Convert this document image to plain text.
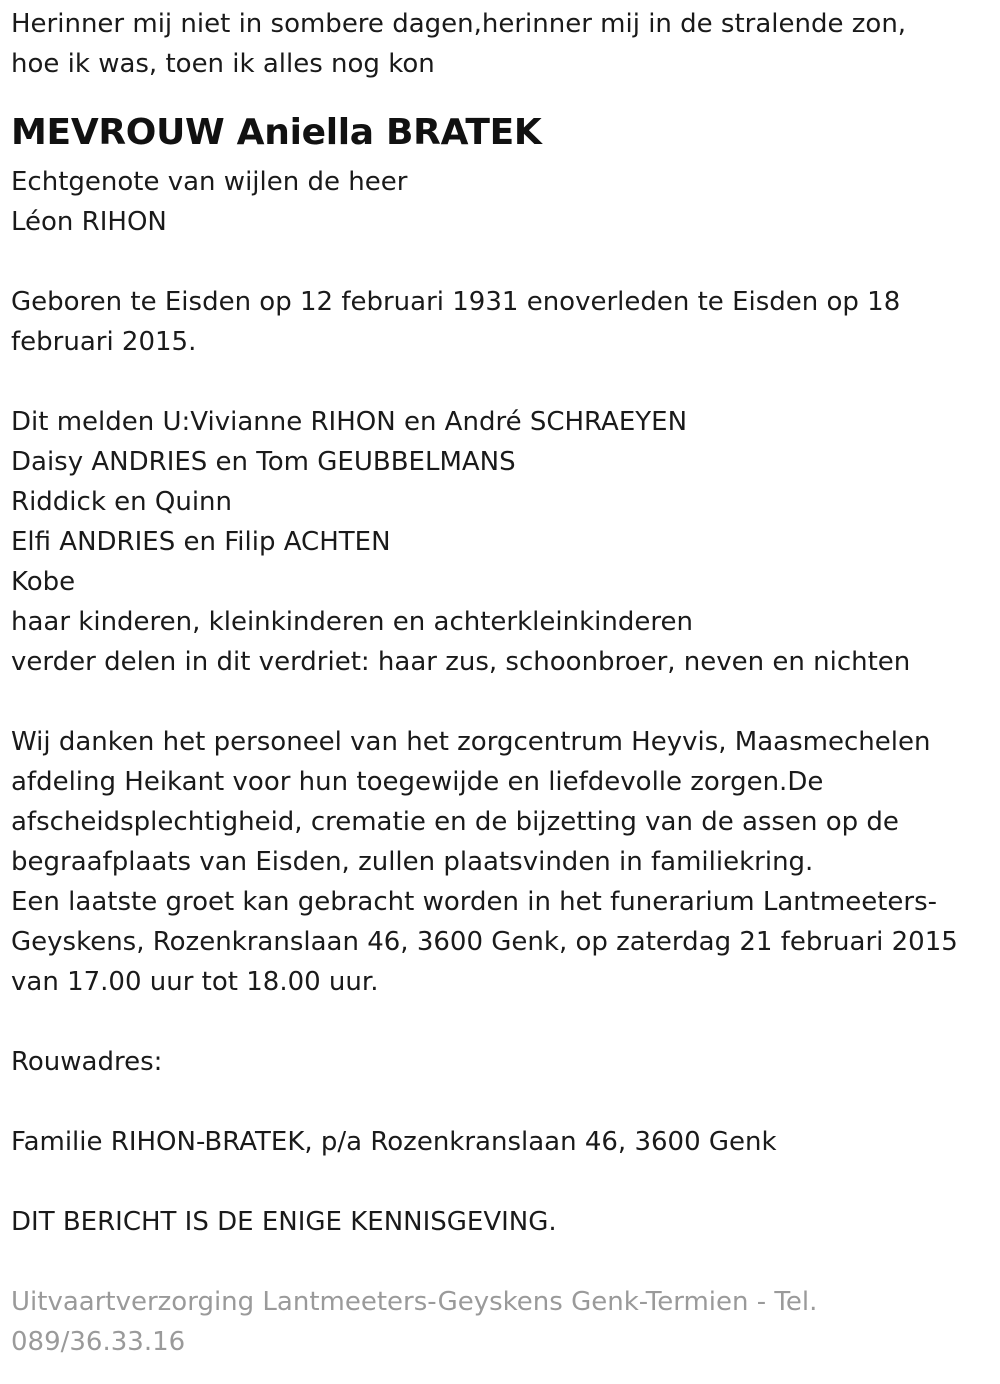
Herinner mij niet in sombere dagen,herinner mij in de stralende zon,
hoe ik was, toen ik alles nog kon
MEVROUW Aniella BRATEK
Echtgenote van wijlen de heer
Léon RIHON
Geboren te Eisden op 12 februari 1931 enoverleden te Eisden op 18
februari 2015.
Dit melden U:Vivianne RIHON en André SCHRAEYEN
Daisy ANDRIES en Tom GEUBBELMANS
Riddick en Quinn
Elfi ANDRIES en Filip ACHTEN
Kobe
haar kinderen, kleinkinderen en achterkleinkinderen
verder delen in dit verdriet: haar zus, schoonbroer, neven en nichten
Wij danken het personeel van het zorgcentrum Heyvis, Maasmechelen
afdeling Heikant voor hun toegewijde en liefdevolle zorgen.De
afscheidsplechtigheid, crematie en de bijzetting van de assen op de
begraafplaats van Eisden, zullen plaatsvinden in familiekring.
Een laatste groet kan gebracht worden in het funerarium Lantmeeters-
Geyskens, Rozenkranslaan 46, 3600 Genk, op zaterdag 21 februari 2015
van 17.00 uur tot 18.00 uur.
Rouwadres:
Familie RIHON-BRATEK, p/a Rozenkranslaan 46, 3600 Genk
DIT BERICHT IS DE ENIGE KENNISGEVING.
Uitvaartverzorging Lantmeeters-Geyskens Genk-Termien - Tel.
089/36.33.16
